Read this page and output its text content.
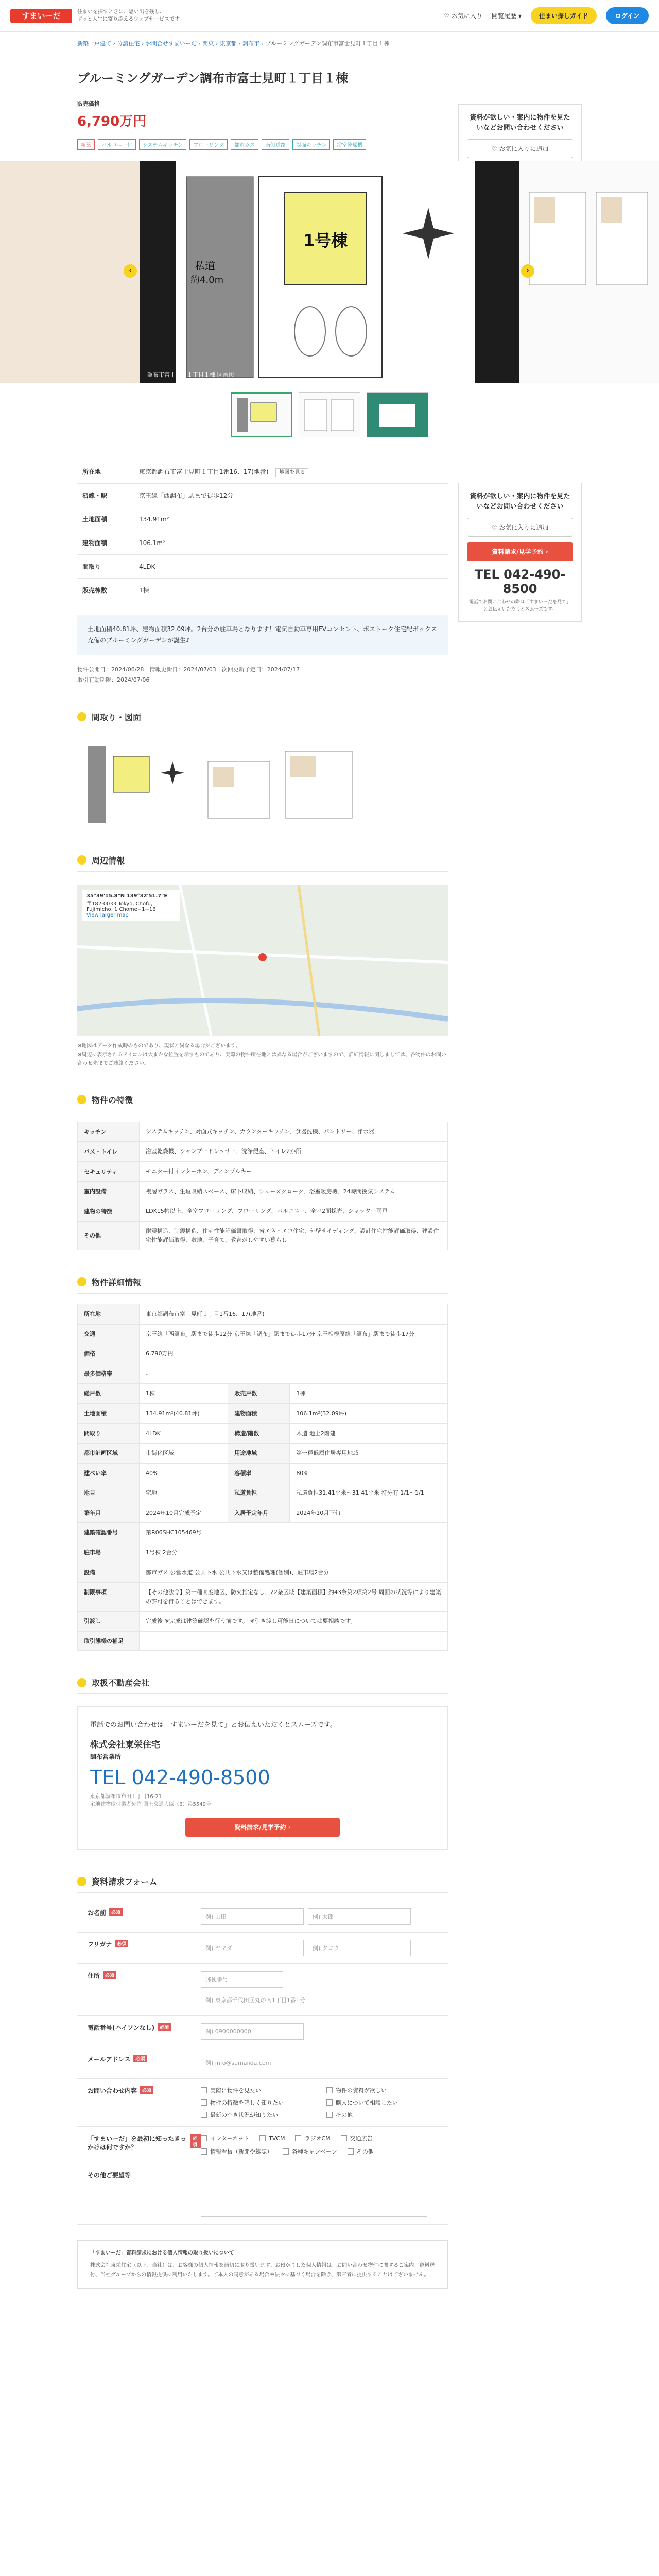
すまいーだ	住まいを探すときに、思い出を残し、
ずっと人生に寄り添えるウェブサービスです	♡ お気に入り 閲覧履歴 ▾	住まい探しガイド	ログイン
新築一戸建て › 分譲住宅 › お問合せすまいーだ › 関東 › 東京都 › 調布市 › ブルーミングガーデン調布市富士見町１丁目１棟
資料が欲しい・案内に物件を見たいなどお問い合わせください
♡ お気に入りに追加
ブルーミングガーデン調布市富士見町１丁目１棟
販売価格
6,790万円
新築	バルコニー付	システムキッチン	フローリング	都市ガス	南側道路	対面キッチン	浴室乾燥機
私道
約4.0m
1号棟
調布市富士見町１丁目１棟 区画図
‹	›
資料が欲しい・案内に物件を見たいなどお問い合わせください
♡ お気に入りに追加
資料請求/見学予約 ›
TEL 042-490-8500
電話でお問い合わせの際は「すまいーだを見て」とお伝えいただくとスムーズです。
所在地	東京都調布市富士見町１丁目1番16、17(地番) 地図を見る
沿線・駅	京王線「西調布」駅まで徒歩12分
土地面積	134.91m²
建物面積	106.1m²
間取り	4LDK
販売棟数	1棟
土地面積40.81坪、建物面積32.09坪。2台分の駐車場となります！電気自動車専用EVコンセント、ボストーク住宅配ボックス充備のブルーミングガーデンが誕生♪
物件公開日：2024/06/28　情報更新日：2024/07/03　次回更新予定日：2024/07/17
取引有効期限：2024/07/06
間取り・図面
周辺情報
35°39'15.8"N 139°32'51.7"E
〒182-0033 Tokyo, Chofu, Fujimicho, 1 Chome−1−16
View larger map
※地図はデータ作成時のものであり、現状と異なる場合がございます。
※周辺に表示されるアイコンは大まかな位置を示すものであり、実際の物件所在地とは異なる場合がございますので、詳細情報に関しましては、各物件のお問い合わせ先までご連絡ください。
物件の特徴
キッチン	システムキッチン、対面式キッチン、カウンターキッチン、食器洗機、パントリー、浄水器
バス・トイレ	浴室乾燥機、シャンプードレッサー、洗浄便座、トイレ2か所
セキュリティ	モニター付インターホン、ディンプルキー
室内設備	複層ガラス、生垣収納スペース、床下収納、シューズクローク、浴室暖房機、24時間換気システム
建物の特徴	LDK15帖以上、全室フローリング、フローリング、バルコニー、全室2面採光、シャッター雨戸
その他	耐震構造、制震構造、住宅性能評価書取得、省エネ・エコ住宅、外壁サイディング、設計住宅性能評価取得、建設住宅性能評価取得、敷地、子育て、教育がしやすい暮らし
物件詳細情報
所在地	東京都調布市富士見町１丁目1番16、17(地番)		
交通	京王線「西調布」駅まで徒歩12分 京王線「調布」駅まで徒歩17分 京王相模原線「調布」駅まで徒歩17分		
価格	6,790万円		
最多価格帯	-		
総戸数	1棟	販売戸数	1棟
土地面積	134.91m²(40.81坪)	建物面積	106.1m²(32.09坪)
間取り	4LDK	構造/階数	木造 地上2階建
都市計画区域	市街化区域	用途地域	第一種低層住居専用地域
建ぺい率	40%	容積率	80%
地目	宅地	私道負担	私道負担31.41平米～31.41平米 持分有 1/1～1/1
築年月	2024年10月完成予定	入居予定年月	2024年10月下旬
建築確認番号	第R06SHC105469号		
駐車場	1号棟 2台分		
設備	都市ガス 公営水道 公共下水 公共下水又は整備処理(個別)、駐車場2台分		
制限事項	【その他法令】第一種高度地区、防火指定なし、22条区域【建築面積】約43条第2項第2号 周囲の状況等により建築の許可を得ることはできます。		
引渡し	完成後 ※完成は建築確認を行う前です。 ※引き渡し可能日については要相談です。		
取引態様の補足			
取扱不動産会社
電話でのお問い合わせは「すまいーだを見て」とお伝えいただくとスムーズです。
株式会社東栄住宅
調布営業所
TEL 042-490-8500
東京都調布市布田１丁目16-21
宅地建物取引業者免許 国土交通大臣（6）第5549号
資料請求/見学予約 ›
資料請求フォーム
お名前	必須
例) 山田	例) 太郎
フリガナ	必須
例) ヤマダ	例) タロウ
住所	必須
郵便番号
例) 東京都千代田区丸の内1丁目1番1号
電話番号(ハイフンなし)	必須
例) 0900000000
メールアドレス	必須
例) info@sumaiida.com
お問い合わせ内容	必須	実際に物件を見たい	物件の資料が欲しい
物件の特徴を詳しく知りたい	購入について相談したい
最新の空き状況が知りたい	その他
「すまいーだ」を最初に知ったきっかけは何ですか？
必須
インターネット	TVCM	ラジオCM	交通広告
情報看板（新聞や雑誌）	各種キャンペーン	その他
その他ご要望等
「すまいーだ」資料請求における個人情報の取り扱いについて
株式会社東栄住宅（以下、当社）は、お客様の個人情報を適切に取り扱います。お預かりした個人情報は、お問い合わせ物件に関するご案内、資料送付、当社グループからの情報提供に利用いたします。ご本人の同意がある場合や法令に基づく場合を除き、第三者に提供することはございません。
